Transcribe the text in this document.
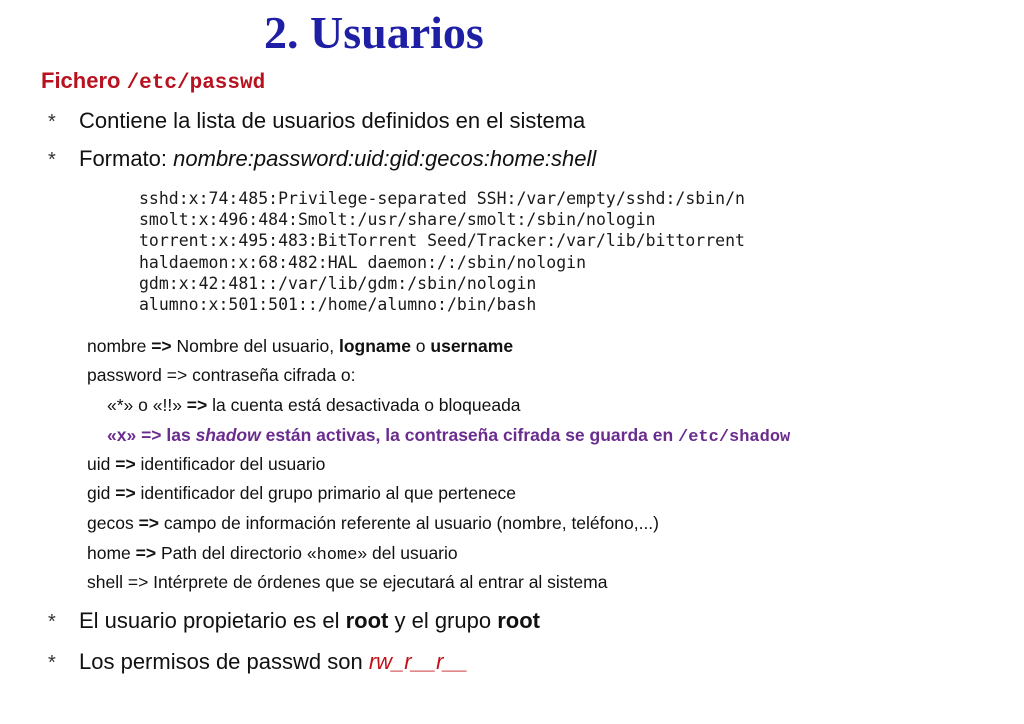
2. Usuarios
Fichero /etc/passwd
* Contiene la lista de usuarios definidos en el sistema
* Formato: nombre:password:uid:gid:gecos:home:shell
sshd:x:74:485:Privilege-separated SSH:/var/empty/sshd:/sbin/n
smolt:x:496:484:Smolt:/usr/share/smolt:/sbin/nologin
torrent:x:495:483:BitTorrent Seed/Tracker:/var/lib/bittorrent
haldaemon:x:68:482:HAL daemon:/:/sbin/nologin
gdm:x:42:481::/var/lib/gdm:/sbin/nologin
alumno:x:501:501::/home/alumno:/bin/bash
nombre => Nombre del usuario, logname o username
password => contraseña cifrada o:
«*» o «!!» => la cuenta está desactivada o bloqueada
«x» => las shadow están activas, la contraseña cifrada se guarda en /etc/shadow
uid => identificador del usuario
gid => identificador del grupo primario al que pertenece
gecos => campo de información referente al usuario (nombre, teléfono,...)
home => Path del directorio «home» del usuario
shell => Intérprete de órdenes que se ejecutará al entrar al sistema
* El usuario propietario es el root y el grupo root
* Los permisos de passwd son rw_r__r__
